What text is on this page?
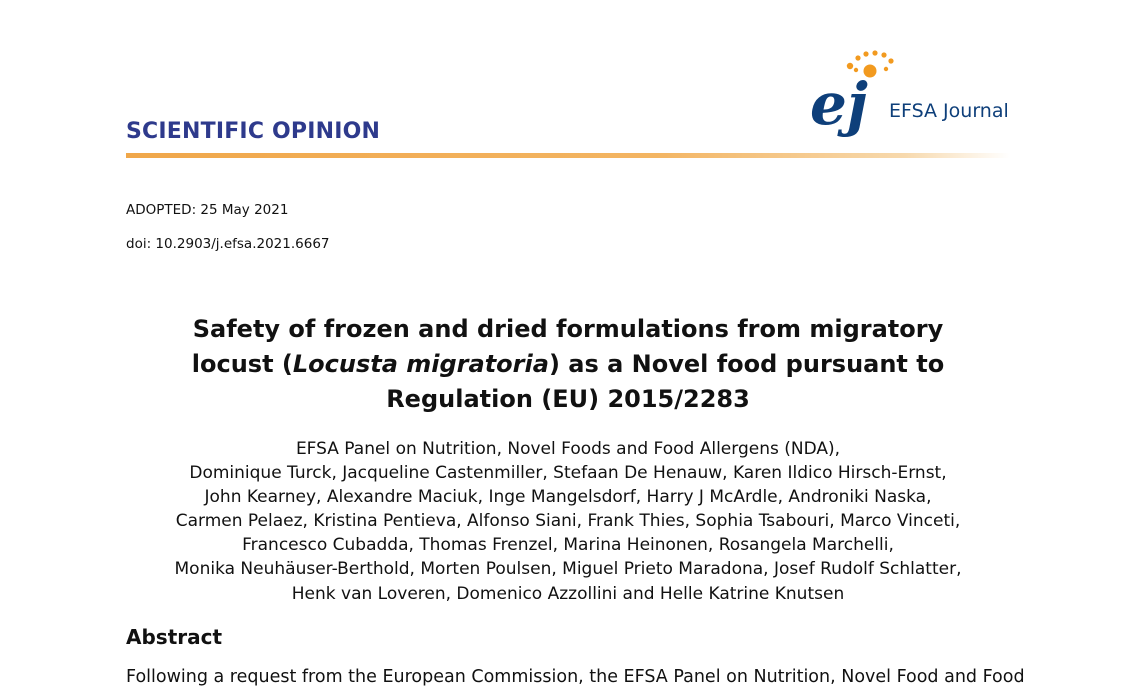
ej EFSA Journal
SCIENTIFIC OPINION
ADOPTED: 25 May 2021
doi: 10.2903/j.efsa.2021.6667
Safety of frozen and dried formulations from migratory
locust (Locusta migratoria) as a Novel food pursuant to
Regulation (EU) 2015/2283
EFSA Panel on Nutrition, Novel Foods and Food Allergens (NDA),
Dominique Turck, Jacqueline Castenmiller, Stefaan De Henauw, Karen Ildico Hirsch-Ernst,
John Kearney, Alexandre Maciuk, Inge Mangelsdorf, Harry J McArdle, Androniki Naska,
Carmen Pelaez, Kristina Pentieva, Alfonso Siani, Frank Thies, Sophia Tsabouri, Marco Vinceti,
Francesco Cubadda, Thomas Frenzel, Marina Heinonen, Rosangela Marchelli,
Monika Neuhäuser-Berthold, Morten Poulsen, Miguel Prieto Maradona, Josef Rudolf Schlatter,
Henk van Loveren, Domenico Azzollini and Helle Katrine Knutsen
Abstract
Following a request from the European Commission, the EFSA Panel on Nutrition, Novel Food and Food
